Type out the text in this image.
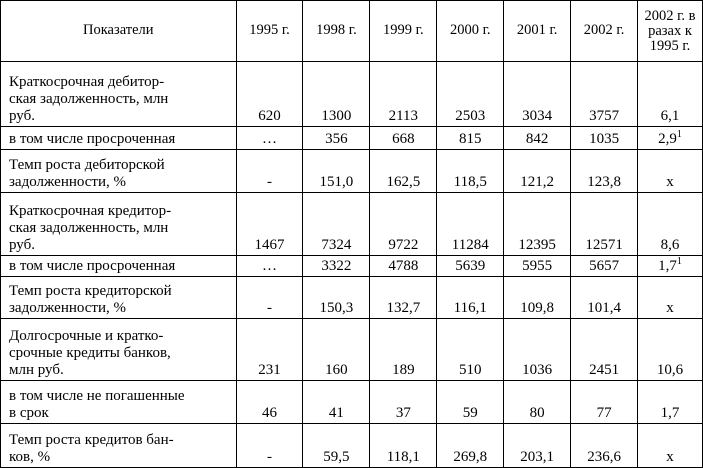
Показатели	1995 г.	1998 г.	1999 г.	2000 г.	2001 г.	2002 г.	2002 г. в разах к 1995 г.

Краткосрочная дебитор-
ская задолженность, млн
руб.	620	1300	2113	2503	3034	3757	6,1

в том числе просроченная	…	356	668	815	842	1035	$2,9^1$

Темп роста дебиторской
задолженности, %	-	151,0	162,5	118,5	121,2	123,8	х

Краткосрочная кредитор-
ская задолженность, млн
руб.	1467	7324	9722	11284	12395	12571	8,6

в том числе просроченная	…	3322	4788	5639	5955	5657	$1,7^1$

Темп роста кредиторской
задолженности, %	-	150,3	132,7	116,1	109,8	101,4	х

Долгосрочные и кратко-
срочные кредиты банков,
млн руб.	231	160	189	510	1036	2451	10,6

в том числе не погашенные
в срок	46	41	37	59	80	77	1,7

Темп роста кредитов бан-
ков, %	-	59,5	118,1	269,8	203,1	236,6	х
